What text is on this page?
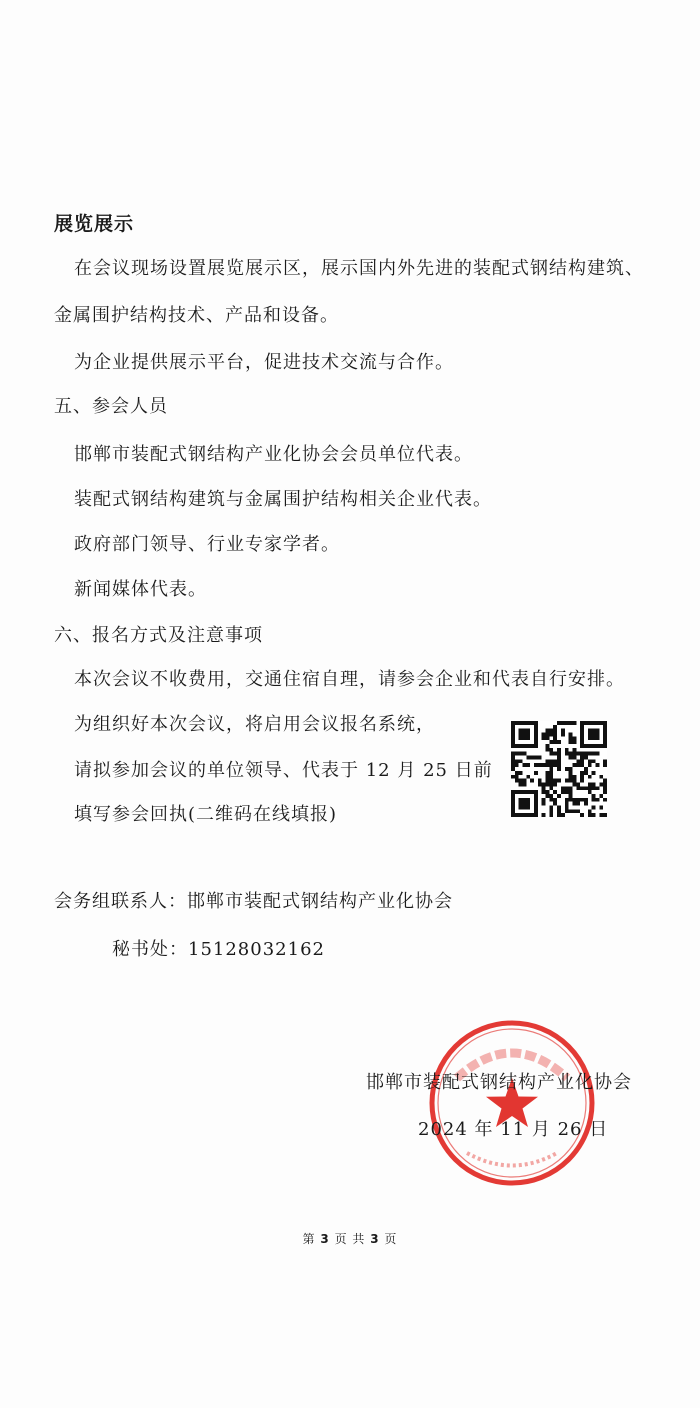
展览展示
在会议现场设置展览展示区，展示国内外先进的装配式钢结构建筑、
金属围护结构技术、产品和设备。
为企业提供展示平台，促进技术交流与合作。
五、参会人员
邯郸市装配式钢结构产业化协会会员单位代表。
装配式钢结构建筑与金属围护结构相关企业代表。
政府部门领导、行业专家学者。
新闻媒体代表。
六、报名方式及注意事项
本次会议不收费用，交通住宿自理，请参会企业和代表自行安排。
为组织好本次会议，将启用会议报名系统，
请拟参加会议的单位领导、代表于 12 月 25 日前
填写参会回执(二维码在线填报)
会务组联系人：邯郸市装配式钢结构产业化协会
秘书处：15128032162
邯郸市装配式钢结构产业化协会
2024 年 11 月 26 日
第 3 页 共 3 页
